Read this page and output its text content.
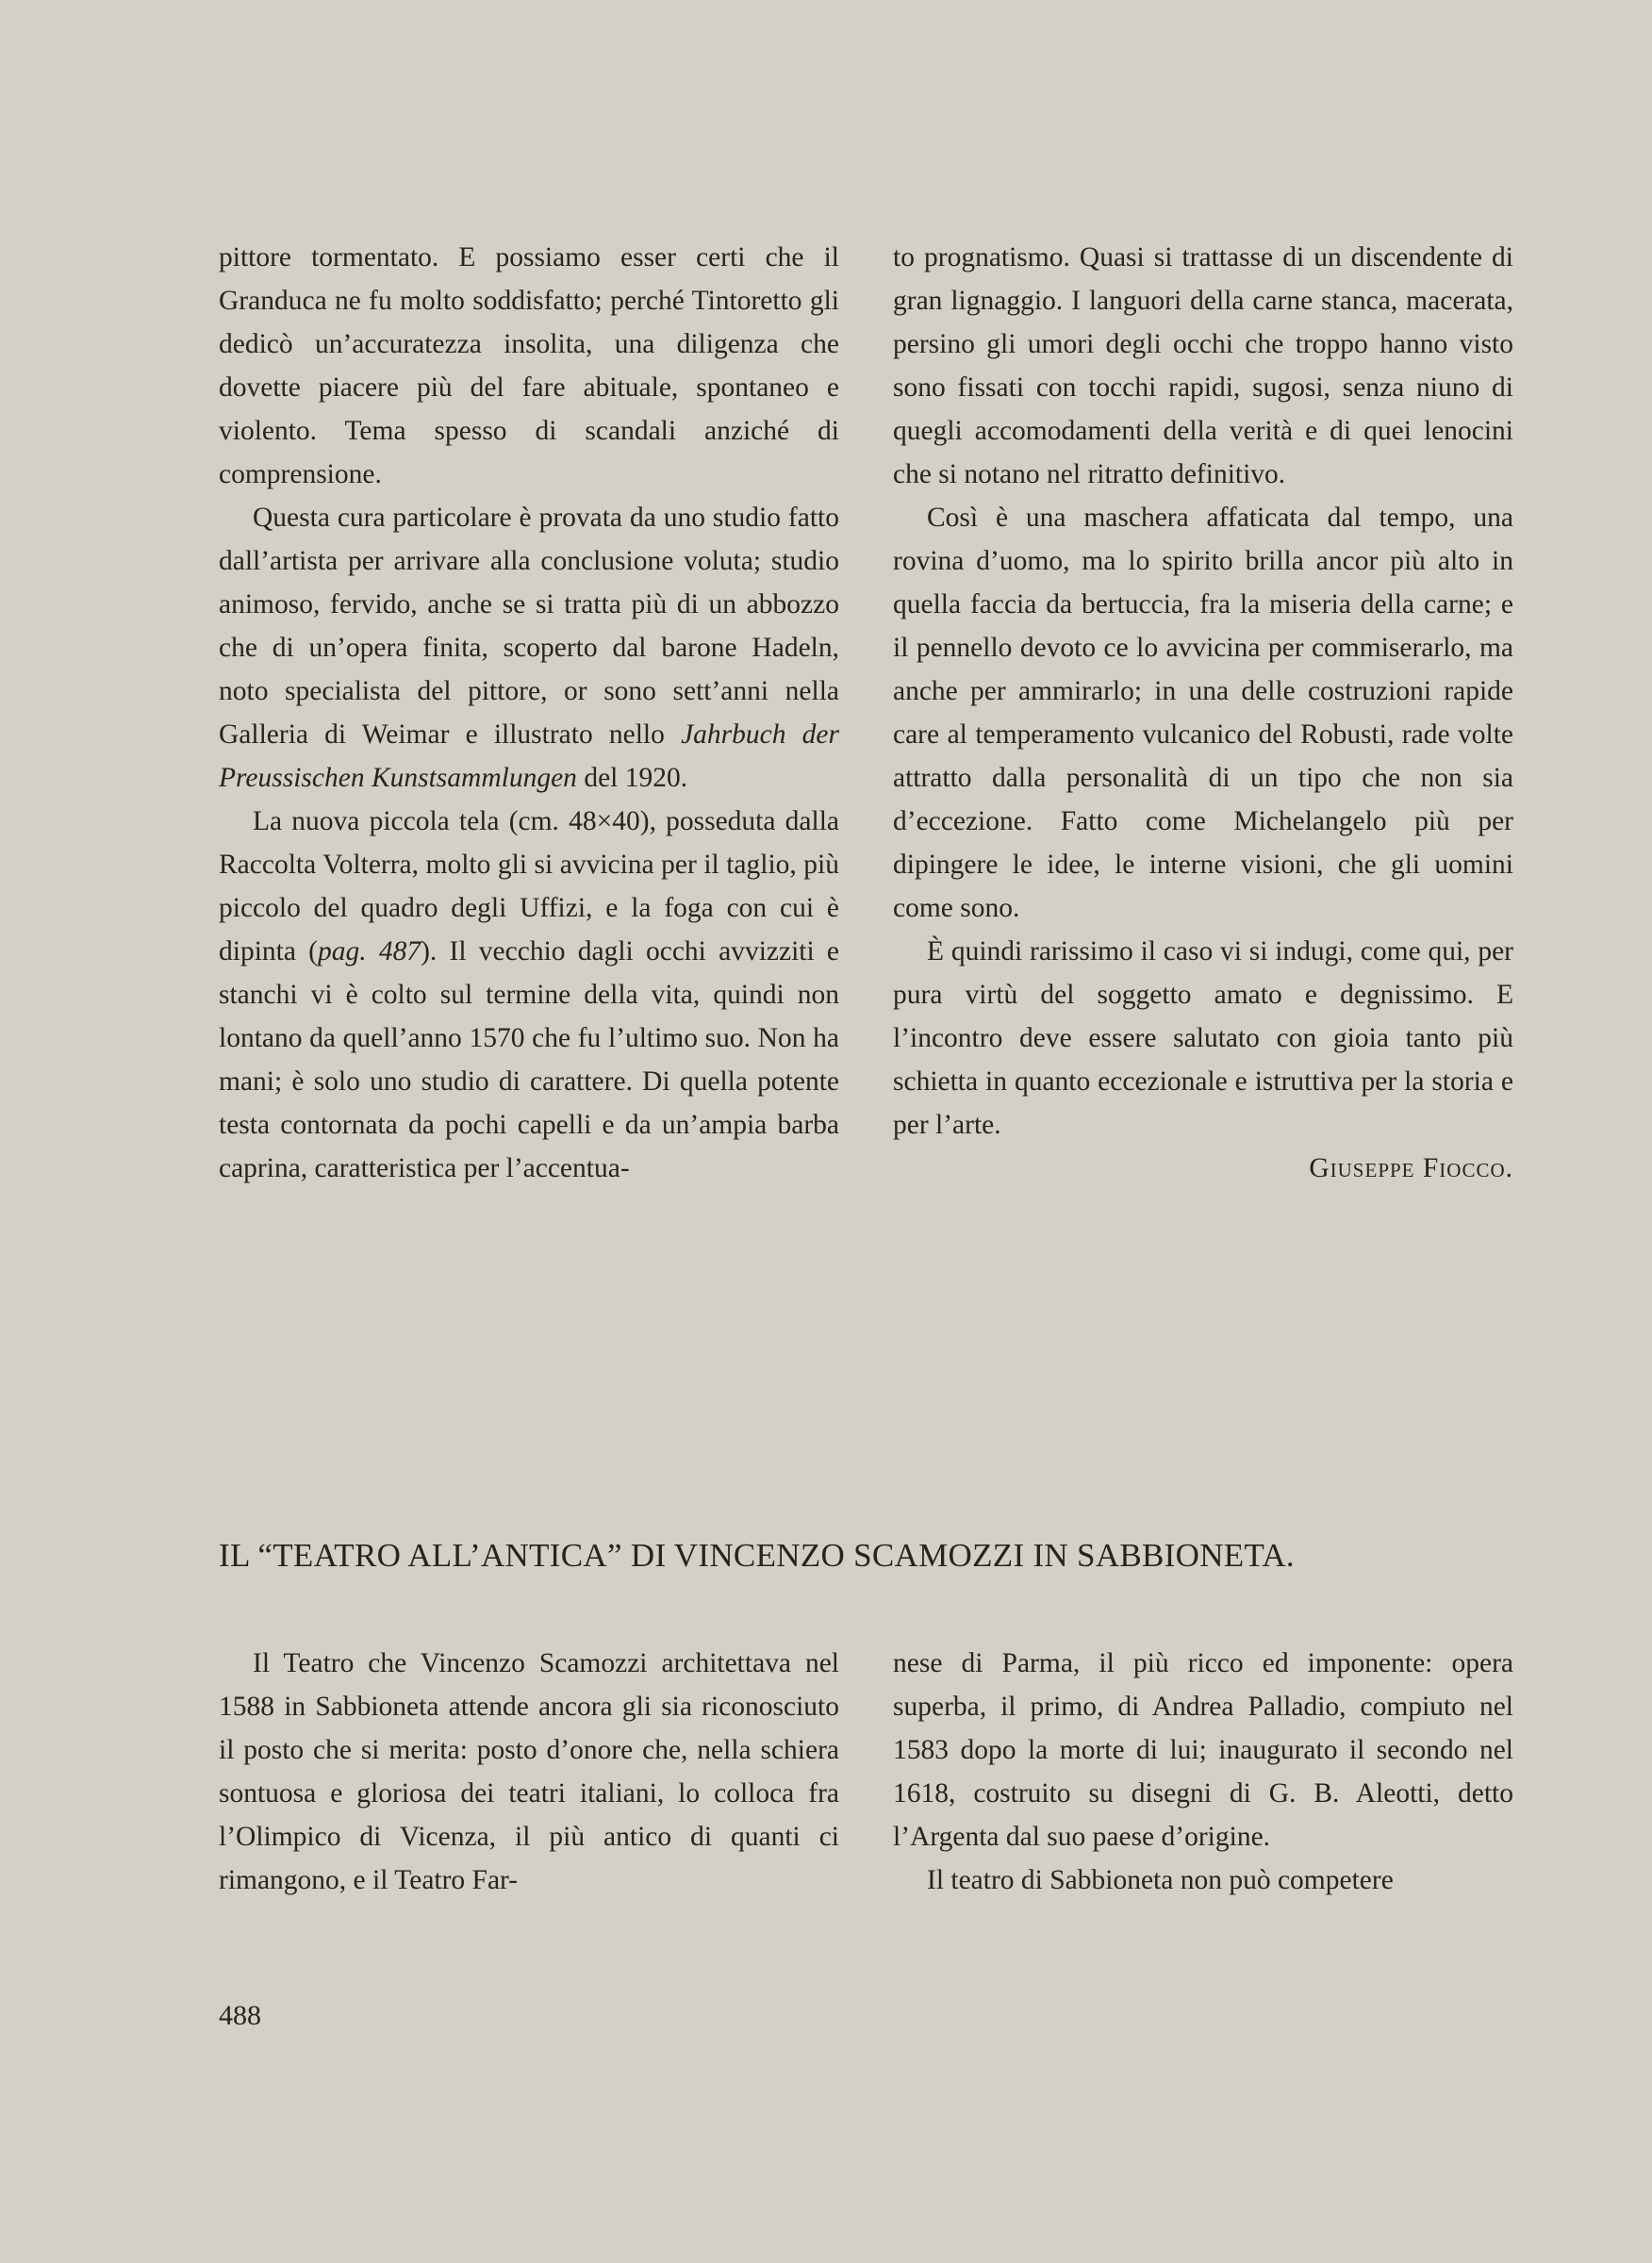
pittore tormentato. E possiamo esser certi che il Granduca ne fu molto soddisfatto; perché Tintoretto gli dedicò un’accuratezza insolita, una diligenza che dovette piacere più del fare abituale, spontaneo e violento. Tema spesso di scandali anziché di comprensione.

Questa cura particolare è provata da uno studio fatto dall’artista per arrivare alla conclusione voluta; studio animoso, fervido, anche se si tratta più di un abbozzo che di un’opera finita, scoperto dal barone Hadeln, noto specialista del pittore, or sono sett’anni nella Galleria di Weimar e illustrato nello Jahrbuch der Preussischen Kunstsammlungen del 1920.

La nuova piccola tela (cm. 48×40), posseduta dalla Raccolta Volterra, molto gli si avvicina per il taglio, più piccolo del quadro degli Uffizi, e la foga con cui è dipinta (pag. 487). Il vecchio dagli occhi avvizziti e stanchi vi è colto sul termine della vita, quindi non lontano da quell’anno 1570 che fu l’ultimo suo. Non ha mani; è solo uno studio di carattere. Di quella potente testa contornata da pochi capelli e da un’ampia barba caprina, caratteristica per l’accentua-

to prognatismo. Quasi si trattasse di un discendente di gran lignaggio. I languori della carne stanca, macerata, persino gli umori degli occhi che troppo hanno visto sono fissati con tocchi rapidi, sugosi, senza niuno di quegli accomodamenti della verità e di quei lenocini che si notano nel ritratto definitivo.

Così è una maschera affaticata dal tempo, una rovina d’uomo, ma lo spirito brilla ancor più alto in quella faccia da bertuccia, fra la miseria della carne; e il pennello devoto ce lo avvicina per commiserarlo, ma anche per ammirarlo; in una delle costruzioni rapide care al temperamento vulcanico del Robusti, rade volte attratto dalla personalità di un tipo che non sia d’eccezione. Fatto come Michelangelo più per dipingere le idee, le interne visioni, che gli uomini come sono.

È quindi rarissimo il caso vi si indugi, come qui, per pura virtù del soggetto amato e degnissimo. E l’incontro deve essere salutato con gioia tanto più schietta in quanto eccezionale e istruttiva per la storia e per l’arte.

Giuseppe Fiocco.

IL “TEATRO ALL’ANTICA” DI VINCENZO SCAMOZZI IN SABBIONETA.

Il Teatro che Vincenzo Scamozzi architettava nel 1588 in Sabbioneta attende ancora gli sia riconosciuto il posto che si merita: posto d’onore che, nella schiera sontuosa e gloriosa dei teatri italiani, lo colloca fra l’Olimpico di Vicenza, il più antico di quanti ci rimangono, e il Teatro Far-

nese di Parma, il più ricco ed imponente: opera superba, il primo, di Andrea Palladio, compiuto nel 1583 dopo la morte di lui; inaugurato il secondo nel 1618, costruito su disegni di G. B. Aleotti, detto l’Argenta dal suo paese d’origine.

Il teatro di Sabbioneta non può competere

488
